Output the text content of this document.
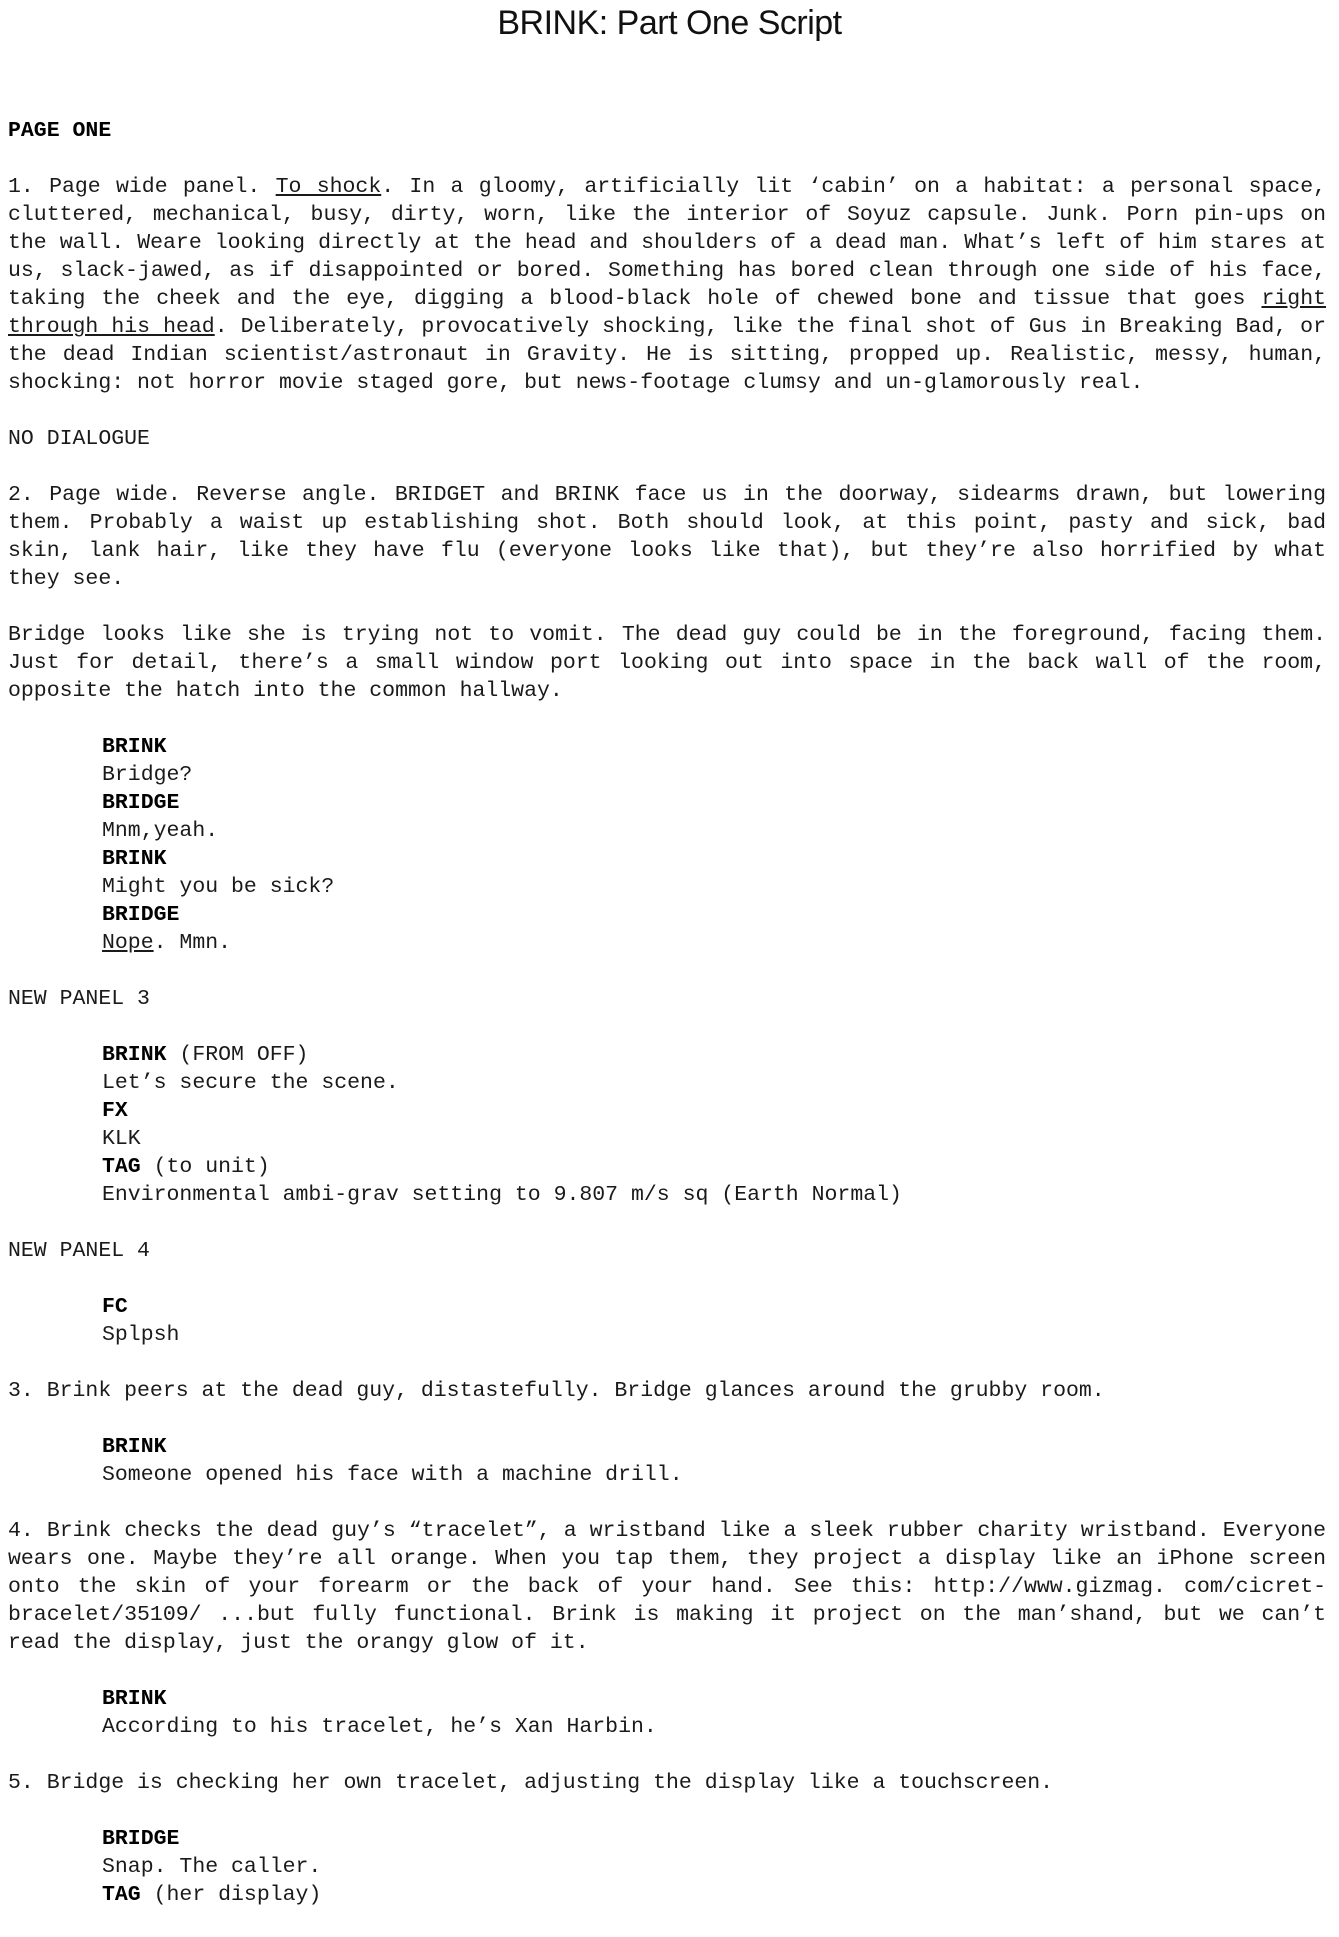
BRINK: Part One Script

PAGE ONE

1. Page wide panel. To shock. In a gloomy, artificially lit ‘cabin’ on a habitat: a personal space, cluttered, mechanical, busy, dirty, worn, like the interior of Soyuz capsule. Junk. Porn pin-ups on the wall. Weare looking directly at the head and shoulders of a dead man. What’s left of him stares at us, slack-jawed, as if disappointed or bored. Something has bored clean through one side of his face, taking the cheek and the eye, digging a blood-black hole of chewed bone and tissue that goes right through his head. Deliberately, provocatively shocking, like the final shot of Gus in Breaking Bad, or the dead Indian scientist/astronaut in Gravity. He is sitting, propped up. Realistic, messy, human, shocking: not horror movie staged gore, but news-footage clumsy and un-glamorously real.

NO DIALOGUE

2. Page wide. Reverse angle. BRIDGET and BRINK face us in the doorway, sidearms drawn, but lowering them. Probably a waist up establishing shot. Both should look, at this point, pasty and sick, bad skin, lank hair, like they have flu (everyone looks like that), but they’re also horrified by what they see.

Bridge looks like she is trying not to vomit. The dead guy could be in the foreground, facing them. Just for detail, there’s a small window port looking out into space in the back wall of the room, opposite the hatch into the common hallway.

BRINK
Bridge?
BRIDGE
Mnm,yeah.
BRINK
Might you be sick?
BRIDGE
Nope. Mmn.

NEW PANEL 3

BRINK (FROM OFF)
Let’s secure the scene.
FX
KLK
TAG (to unit)
Environmental ambi-grav setting to 9.807 m/s sq (Earth Normal)

NEW PANEL 4

FC
Splpsh

3. Brink peers at the dead guy, distastefully. Bridge glances around the grubby room.

BRINK
Someone opened his face with a machine drill.

4. Brink checks the dead guy’s “tracelet”, a wristband like a sleek rubber charity wristband. Everyone wears one. Maybe they’re all orange. When you tap them, they project a display like an iPhone screen onto the skin of your forearm or the back of your hand. See this: http://www.gizmag. com/cicret-bracelet/35109/ ...but fully functional. Brink is making it project on the man’shand, but we can’t read the display, just the orangy glow of it.

BRINK
According to his tracelet, he’s Xan Harbin.

5. Bridge is checking her own tracelet, adjusting the display like a touchscreen.

BRIDGE
Snap. The caller.
TAG (her display)
